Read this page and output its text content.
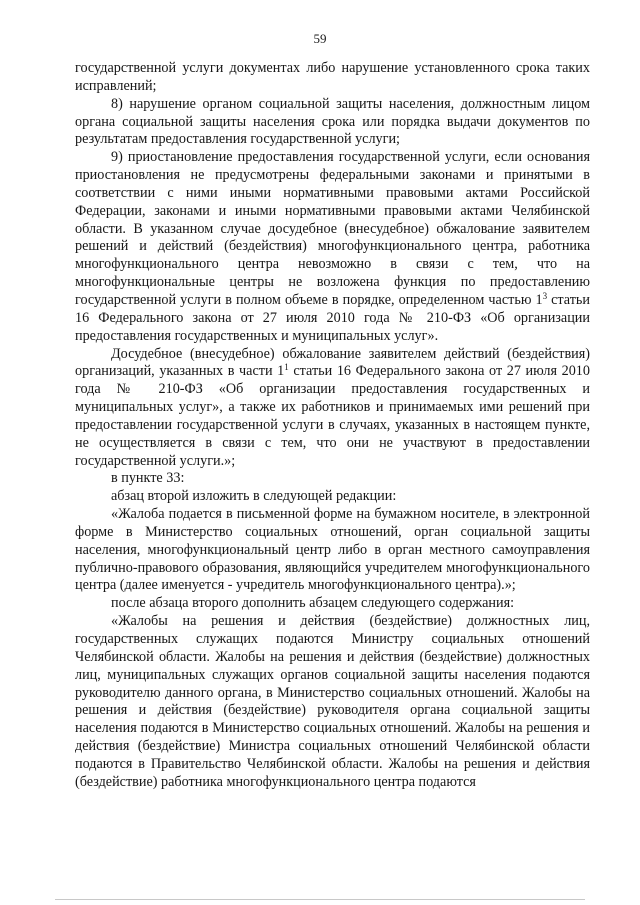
59

государственной услуги документах либо нарушение установленного срока таких исправлений;

8) нарушение органом социальной защиты населения, должностным лицом органа социальной защиты населения срока или порядка выдачи документов по результатам предоставления государственной услуги;

9) приостановление предоставления государственной услуги, если основания приостановления не предусмотрены федеральными законами и принятыми в соответствии с ними иными нормативными правовыми актами Российской Федерации, законами и иными нормативными правовыми актами Челябинской области. В указанном случае досудебное (внесудебное) обжалование заявителем решений и действий (бездействия) многофункционального центра, работника многофункционального центра невозможно в связи с тем, что на многофункциональные центры не возложена функция по предоставлению государственной услуги в полном объеме в порядке, определенном частью $1^3$ статьи 16 Федерального закона от 27 июля 2010 года № 210-ФЗ «Об организации предоставления государственных и муниципальных услуг».

Досудебное (внесудебное) обжалование заявителем действий (бездействия) организаций, указанных в части $1^1$ статьи 16 Федерального закона от 27 июля 2010 года № 210-ФЗ «Об организации предоставления государственных и муниципальных услуг», а также их работников и принимаемых ими решений при предоставлении государственной услуги в случаях, указанных в настоящем пункте, не осуществляется в связи с тем, что они не участвуют в предоставлении государственной услуги.»;

в пункте 33:

абзац второй изложить в следующей редакции:

«Жалоба подается в письменной форме на бумажном носителе, в электронной форме в Министерство социальных отношений, орган социальной защиты населения, многофункциональный центр либо в орган местного самоуправления публично-правового образования, являющийся учредителем многофункционального центра (далее именуется - учредитель многофункционального центра).»;

после абзаца второго дополнить абзацем следующего содержания:

«Жалобы на решения и действия (бездействие) должностных лиц, государственных служащих подаются Министру социальных отношений Челябинской области. Жалобы на решения и действия (бездействие) должностных лиц, муниципальных служащих органов социальной защиты населения подаются руководителю данного органа, в Министерство социальных отношений. Жалобы на решения и действия (бездействие) руководителя органа социальной защиты населения подаются в Министерство социальных отношений. Жалобы на решения и действия (бездействие) Министра социальных отношений Челябинской области подаются в Правительство Челябинской области. Жалобы на решения и действия (бездействие) работника многофункционального центра подаются
